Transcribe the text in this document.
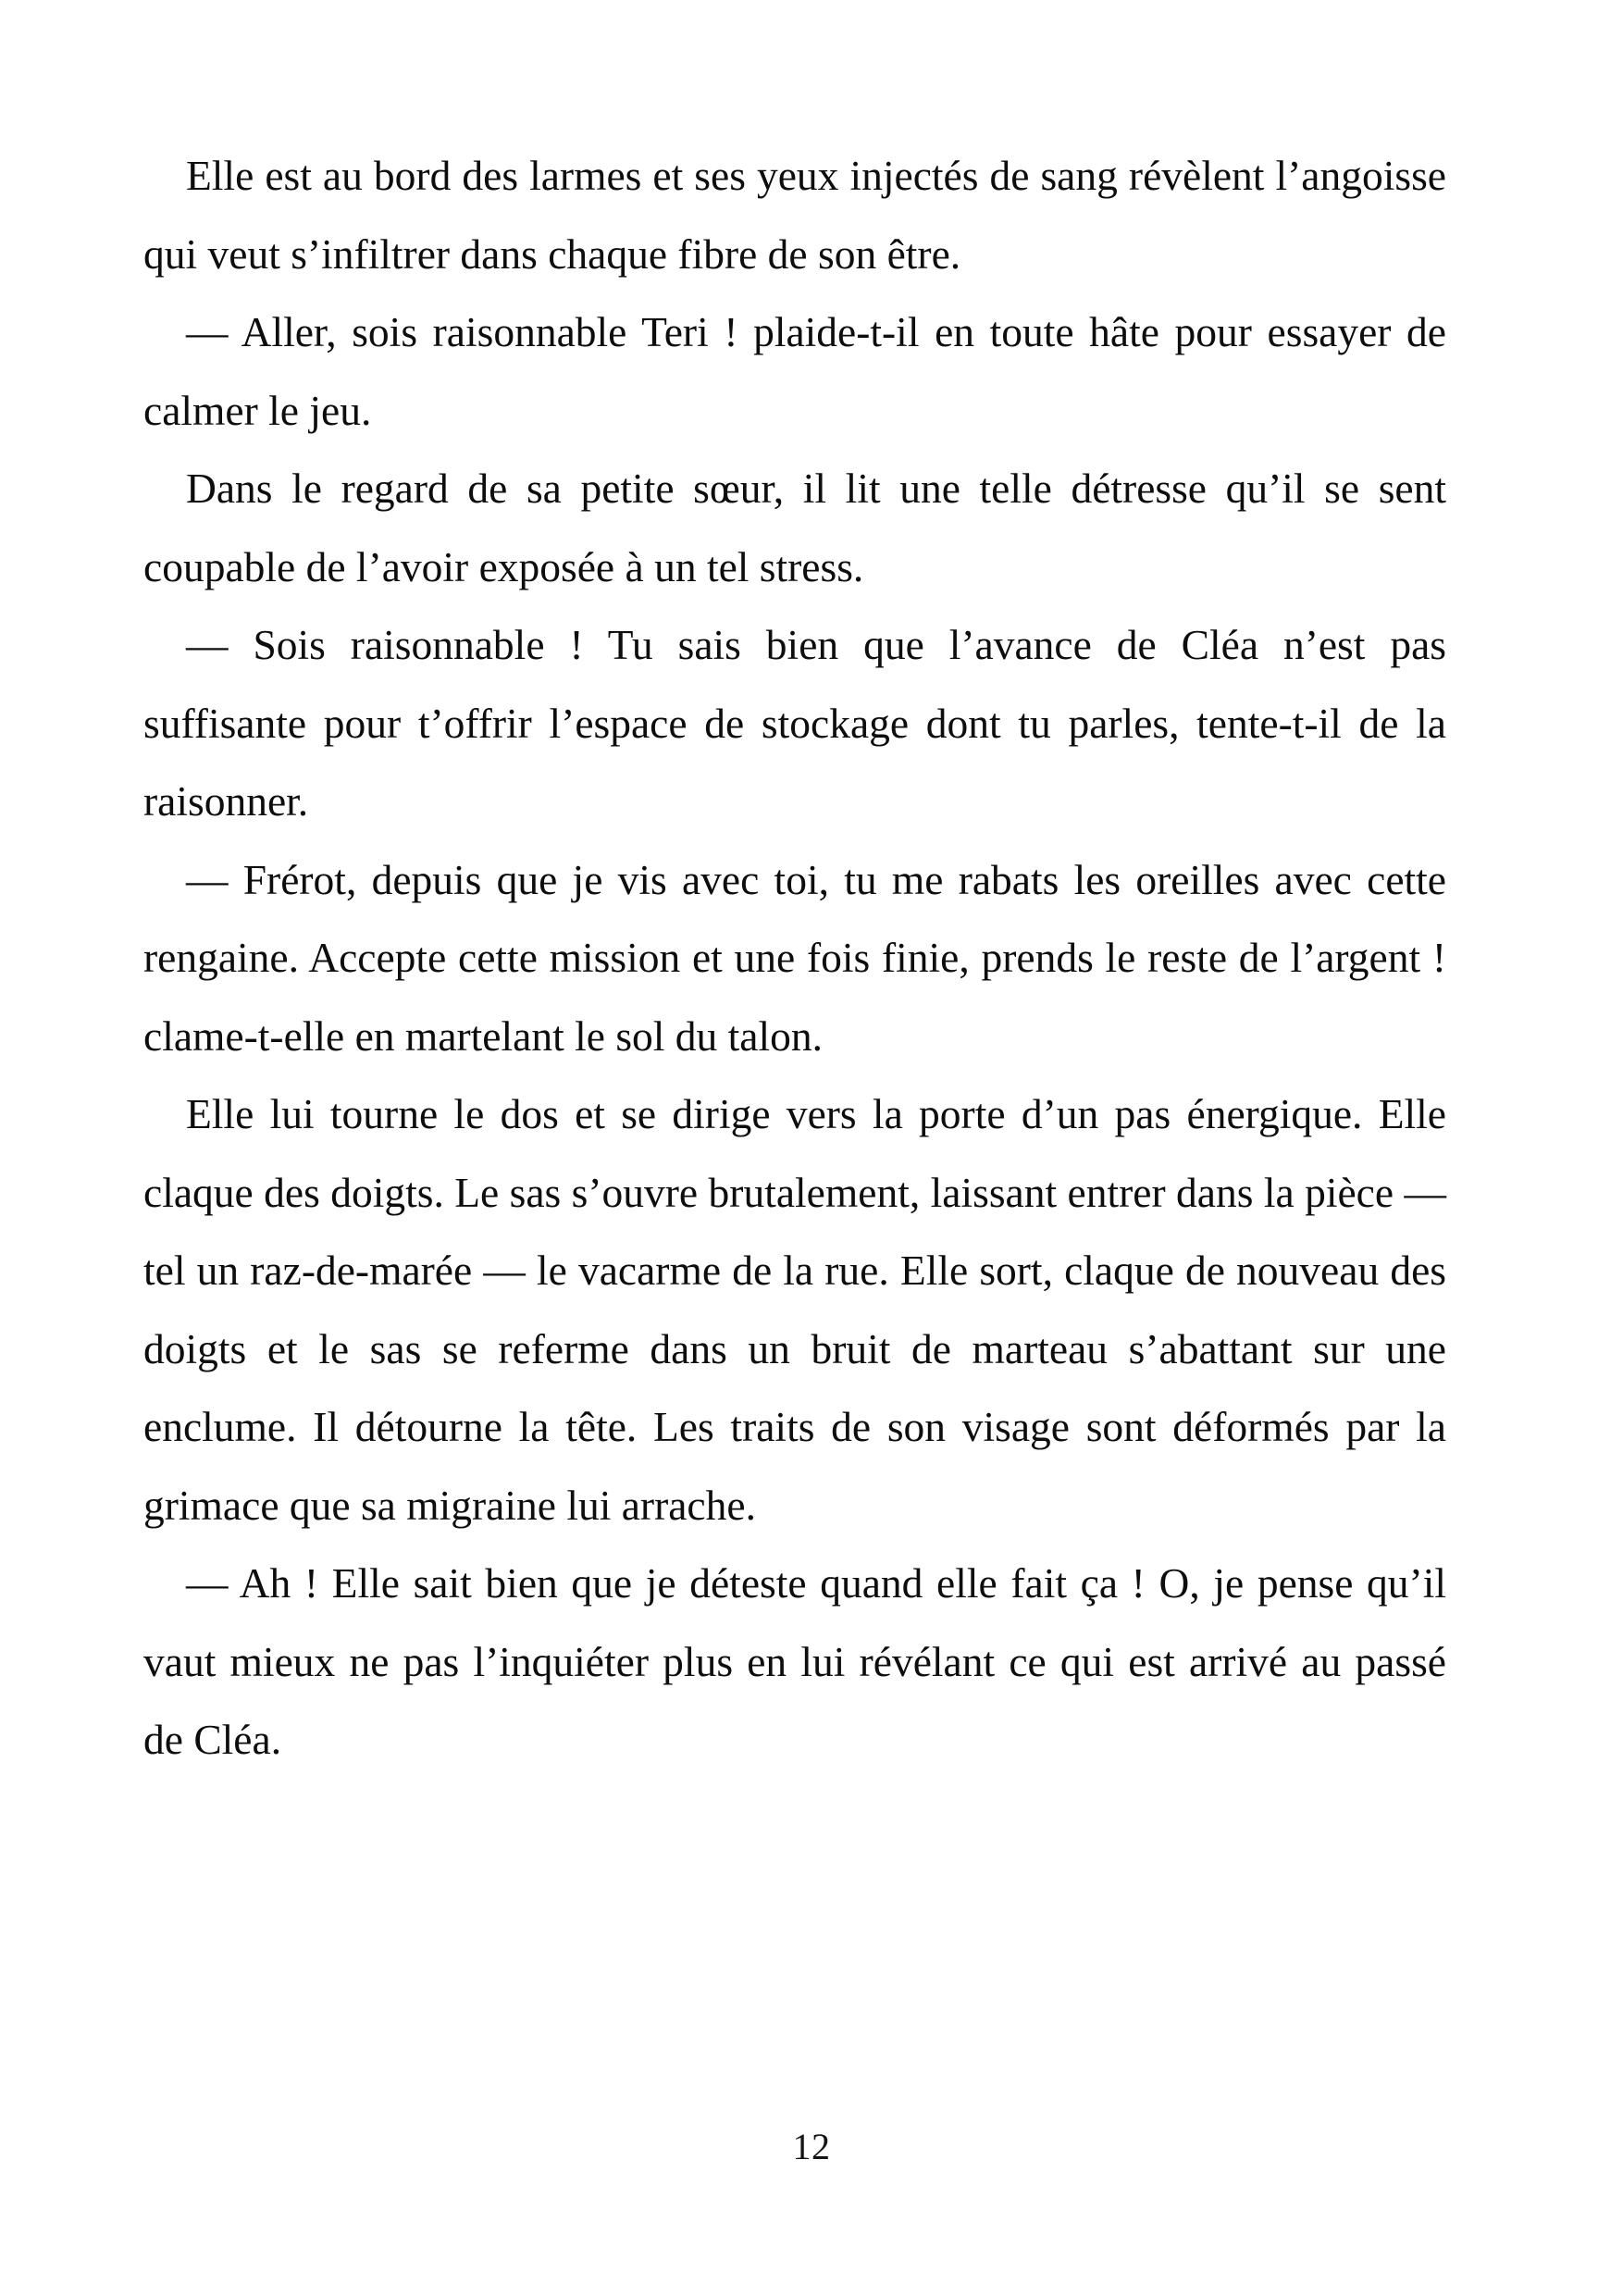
Elle est au bord des larmes et ses yeux injectés de sang révèlent l’angoisse qui veut s’infiltrer dans chaque fibre de son être.

— Aller, sois raisonnable Teri ! plaide-t-il en toute hâte pour essayer de calmer le jeu.

Dans le regard de sa petite sœur, il lit une telle détresse qu’il se sent coupable de l’avoir exposée à un tel stress.

— Sois raisonnable ! Tu sais bien que l’avance de Cléa n’est pas suffisante pour t’offrir l’espace de stockage dont tu parles, tente-t-il de la raisonner.

— Frérot, depuis que je vis avec toi, tu me rabats les oreilles avec cette rengaine. Accepte cette mission et une fois finie, prends le reste de l’argent ! clame-t-elle en martelant le sol du talon.

Elle lui tourne le dos et se dirige vers la porte d’un pas énergique. Elle claque des doigts. Le sas s’ouvre brutalement, laissant entrer dans la pièce — tel un raz-de-marée — le vacarme de la rue. Elle sort, claque de nouveau des doigts et le sas se referme dans un bruit de marteau s’abattant sur une enclume. Il détourne la tête. Les traits de son visage sont déformés par la grimace que sa migraine lui arrache.

— Ah ! Elle sait bien que je déteste quand elle fait ça ! O, je pense qu’il vaut mieux ne pas l’inquiéter plus en lui révélant ce qui est arrivé au passé de Cléa.

12
